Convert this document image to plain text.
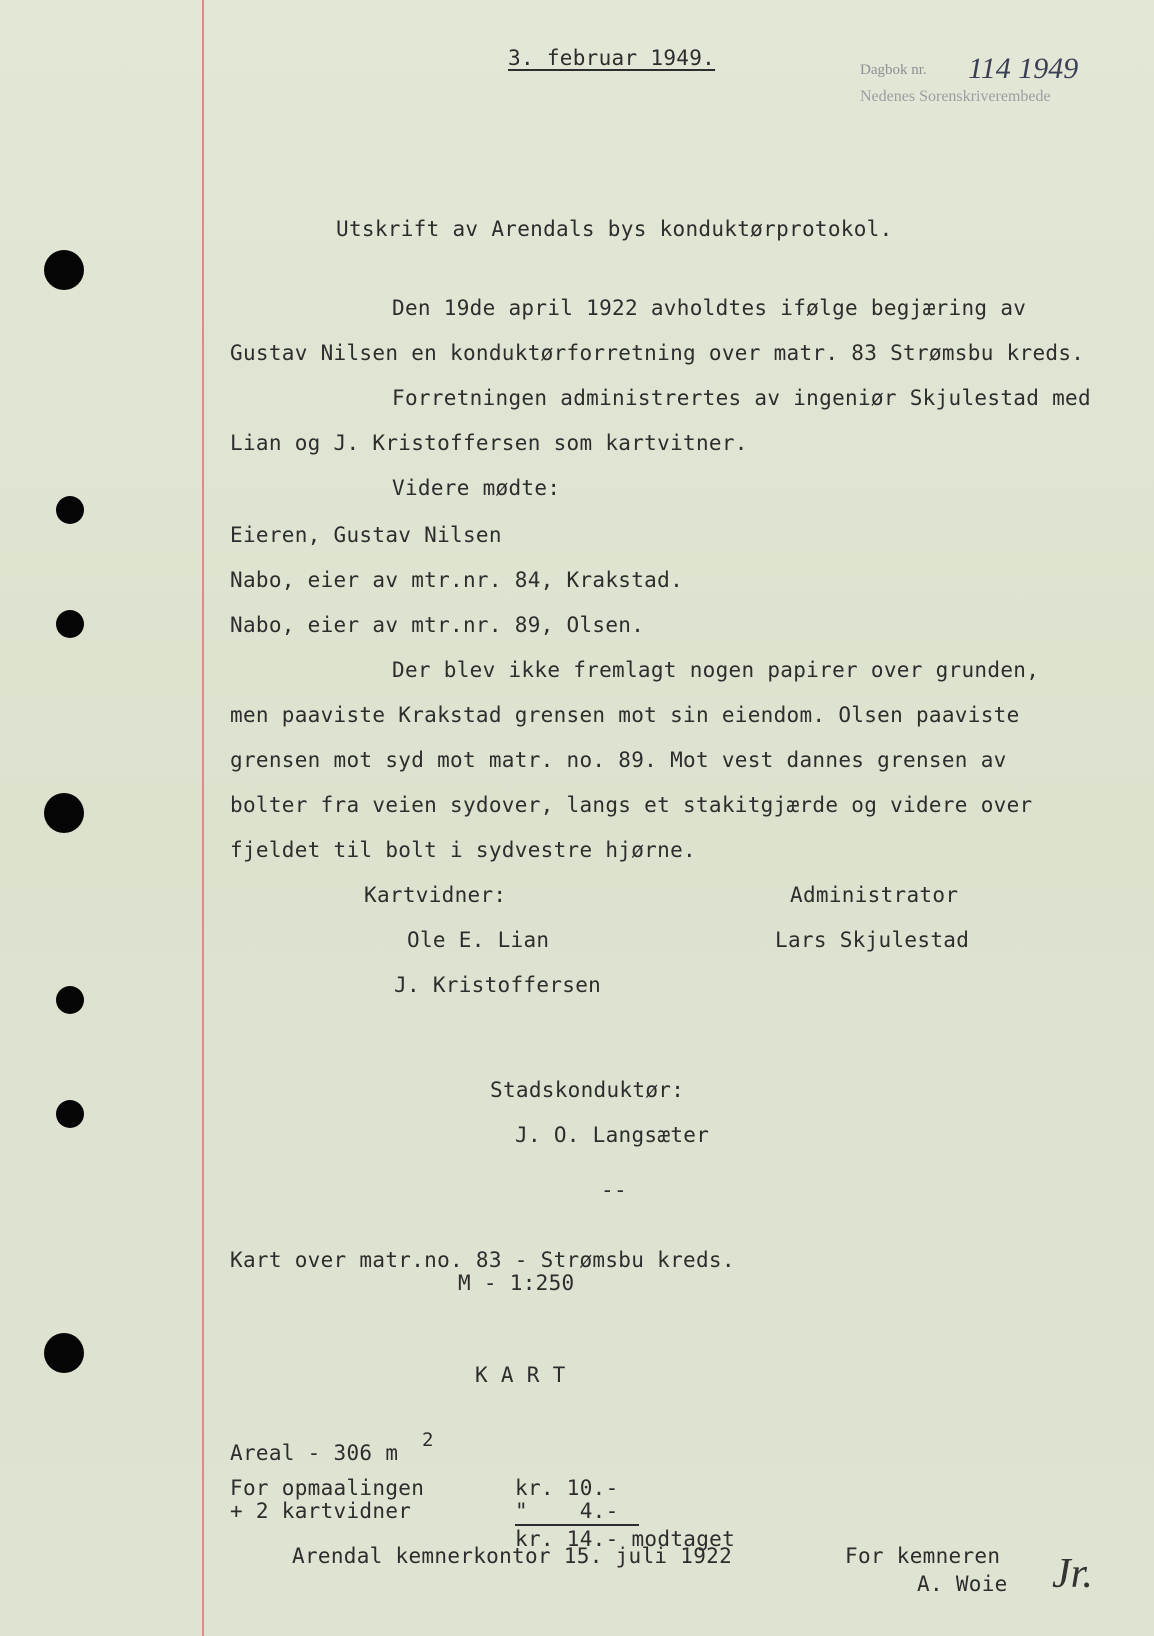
3. februar 1949.	Dagbok nr. 114 1949
Nedenes Sorenskriverembede
Utskrift av Arendals bys konduktørprotokol.
Den 19de april 1922 avholdtes ifølge begjæring av
Gustav Nilsen en konduktørforretning over matr. 83 Strømsbu kreds.
Forretningen administrertes av ingeniør Skjulestad med
Lian og J. Kristoffersen som kartvitner.
Videre mødte:
Eieren, Gustav Nilsen
Nabo, eier av mtr.nr. 84, Krakstad.
Nabo, eier av mtr.nr. 89, Olsen.
Der blev ikke fremlagt nogen papirer over grunden,
men paaviste Krakstad grensen mot sin eiendom. Olsen paaviste
grensen mot syd mot matr. no. 89. Mot vest dannes grensen av
bolter fra veien sydover, langs et stakitgjærde og videre over
fjeldet til bolt i sydvestre hjørne.
Kartvidner:	Administrator
Ole E. Lian	Lars Skjulestad
J. Kristoffersen
Stadskonduktør:
J. O. Langsæter
--
Kart over matr.no. 83 - Strømsbu kreds.
M - 1:250
K A R T
Areal - 306 m
2
For opmaalingen	kr. 10.-
+ 2 kartvidner	"    4.-
kr. 14.- modtaget
Arendal kemnerkontor 15. juli 1922	For kemneren
A. Woie Jr.
